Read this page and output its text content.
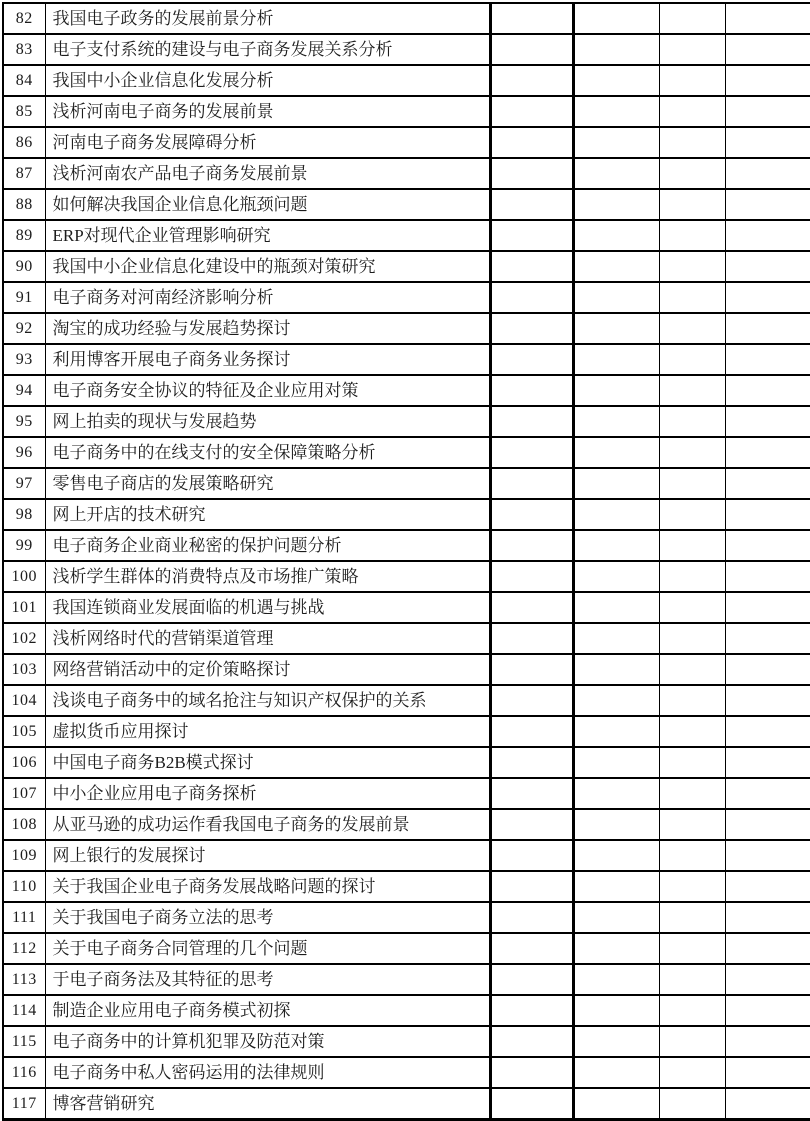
82	我国电子政务的发展前景分析				
83	电子支付系统的建设与电子商务发展关系分析				
84	我国中小企业信息化发展分析				
85	浅析河南电子商务的发展前景				
86	河南电子商务发展障碍分析				
87	浅析河南农产品电子商务发展前景				
88	如何解决我国企业信息化瓶颈问题				
89	ERP对现代企业管理影响研究				
90	我国中小企业信息化建设中的瓶颈对策研究				
91	电子商务对河南经济影响分析				
92	淘宝的成功经验与发展趋势探讨				
93	利用博客开展电子商务业务探讨				
94	电子商务安全协议的特征及企业应用对策				
95	网上拍卖的现状与发展趋势				
96	电子商务中的在线支付的安全保障策略分析				
97	零售电子商店的发展策略研究				
98	网上开店的技术研究				
99	电子商务企业商业秘密的保护问题分析				
100	浅析学生群体的消费特点及市场推广策略				
101	我国连锁商业发展面临的机遇与挑战				
102	浅析网络时代的营销渠道管理				
103	网络营销活动中的定价策略探讨				
104	浅谈电子商务中的域名抢注与知识产权保护的关系				
105	虚拟货币应用探讨				
106	中国电子商务B2B模式探讨				
107	中小企业应用电子商务探析				
108	从亚马逊的成功运作看我国电子商务的发展前景				
109	网上银行的发展探讨				
110	关于我国企业电子商务发展战略问题的探讨				
111	关于我国电子商务立法的思考				
112	关于电子商务合同管理的几个问题				
113	于电子商务法及其特征的思考				
114	制造企业应用电子商务模式初探				
115	电子商务中的计算机犯罪及防范对策				
116	电子商务中私人密码运用的法律规则				
117	博客营销研究				
